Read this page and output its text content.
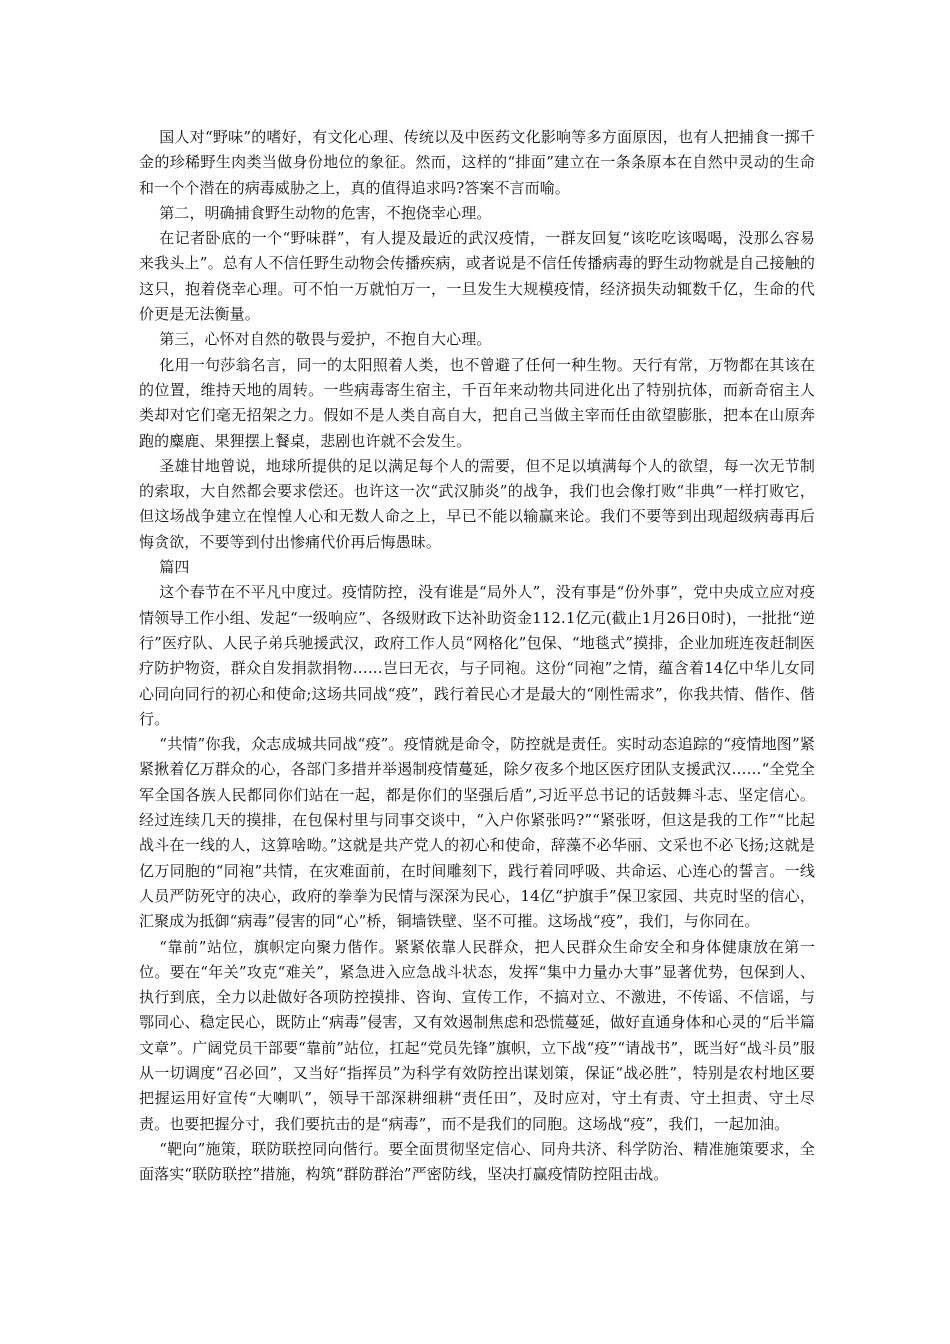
国人对“野味”的嗜好，有文化心理、传统以及中医药文化影响等多方面原因，也有人把捕食一掷千金的珍稀野生肉类当做身份地位的象征。然而，这样的“排面”建立在一条条原本在自然中灵动的生命和一个个潜在的病毒威胁之上，真的值得追求吗?答案不言而喻。

第二，明确捕食野生动物的危害，不抱侥幸心理。

在记者卧底的一个“野味群”，有人提及最近的武汉疫情，一群友回复“该吃吃该喝喝，没那么容易来我头上”。总有人不信任野生动物会传播疾病，或者说是不信任传播病毒的野生动物就是自己接触的这只，抱着侥幸心理。可不怕一万就怕万一，一旦发生大规模疫情，经济损失动辄数千亿，生命的代价更是无法衡量。

第三，心怀对自然的敬畏与爱护，不抱自大心理。

化用一句莎翁名言，同一的太阳照着人类，也不曾避了任何一种生物。天行有常，万物都在其该在的位置，维持天地的周转。一些病毒寄生宿主，千百年来动物共同进化出了特别抗体，而新奇宿主人类却对它们毫无招架之力。假如不是人类自高自大，把自己当做主宰而任由欲望膨胀，把本在山原奔跑的麋鹿、果狸摆上餐桌，悲剧也许就不会发生。

圣雄甘地曾说，地球所提供的足以满足每个人的需要，但不足以填满每个人的欲望，每一次无节制的索取，大自然都会要求偿还。也许这一次“武汉肺炎”的战争，我们也会像打败“非典”一样打败它，但这场战争建立在惶惶人心和无数人命之上，早已不能以输赢来论。我们不要等到出现超级病毒再后悔贪欲，不要等到付出惨痛代价再后悔愚昧。

篇四

这个春节在不平凡中度过。疫情防控，没有谁是“局外人”，没有事是“份外事”，党中央成立应对疫情领导工作小组、发起“一级响应”、各级财政下达补助资金112.1亿元(截止1月26日0时)，一批批“逆行”医疗队、人民子弟兵驰援武汉，政府工作人员“网格化”包保、“地毯式”摸排，企业加班连夜赶制医疗防护物资，群众自发捐款捐物……岂曰无衣，与子同袍。这份“同袍”之情，蕴含着14亿中华儿女同心同向同行的初心和使命;这场共同战“疫”，践行着民心才是最大的“刚性需求”，你我共情、偕作、偕行。

“共情”你我，众志成城共同战“疫”。疫情就是命令，防控就是责任。实时动态追踪的“疫情地图”紧紧揪着亿万群众的心，各部门多措并举遏制疫情蔓延，除夕夜多个地区医疗团队支援武汉……“全党全军全国各族人民都同你们站在一起，都是你们的坚强后盾”,习近平总书记的话鼓舞斗志、坚定信心。经过连续几天的摸排，在包保村里与同事交谈中，“入户你紧张吗?”“紧张呀，但这是我的工作”“比起战斗在一线的人，这算啥呦。”这就是共产党人的初心和使命，辞藻不必华丽、文采也不必飞扬;这就是亿万同胞的“同袍”共情，在灾难面前，在时间雕刻下，践行着同呼吸、共命运、心连心的誓言。一线人员严防死守的决心，政府的拳拳为民情与深深为民心，14亿“护旗手”保卫家园、共克时坚的信心，汇聚成为抵御“病毒”侵害的同“心”桥，铜墙铁壁、坚不可摧。这场战“疫”，我们，与你同在。

“靠前”站位，旗帜定向聚力偕作。紧紧依靠人民群众，把人民群众生命安全和身体健康放在第一位。要在“年关”攻克“难关”，紧急进入应急战斗状态，发挥“集中力量办大事”显著优势，包保到人、执行到底，全力以赴做好各项防控摸排、咨询、宣传工作，不搞对立、不激进，不传谣、不信谣，与鄂同心、稳定民心，既防止“病毒”侵害，又有效遏制焦虑和恐慌蔓延，做好直通身体和心灵的“后半篇文章”。广阔党员干部要“靠前”站位，扛起“党员先锋”旗帜，立下战“疫”“请战书”，既当好“战斗员”服从一切调度“召必回”，又当好“指挥员”为科学有效防控出谋划策，保证“战必胜”，特别是农村地区要把握运用好宣传“大喇叭”，领导干部深耕细耕“责任田”，及时应对，守土有责、守土担责、守土尽责。也要把握分寸，我们要抗击的是“病毒”，而不是我们的同胞。这场战“疫”，我们，一起加油。

“靶向”施策，联防联控同向偕行。要全面贯彻坚定信心、同舟共济、科学防治、精准施策要求，全面落实“联防联控”措施，构筑“群防群治”严密防线，坚决打赢疫情防控阻击战。
